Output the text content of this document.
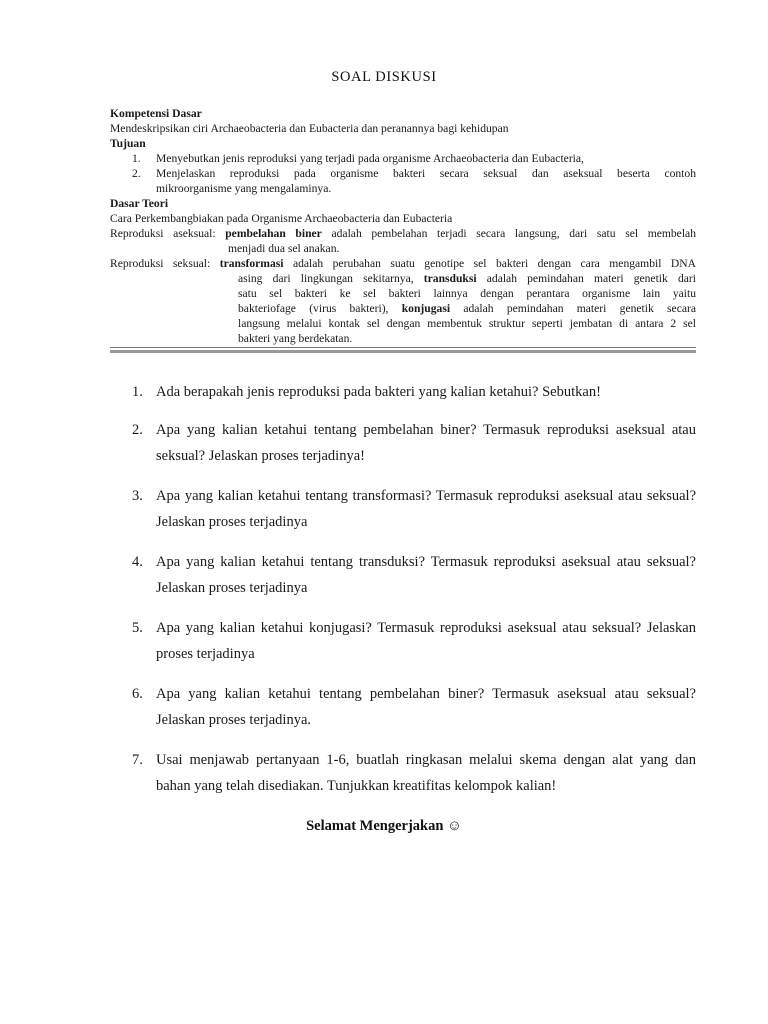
SOAL DISKUSI
Kompetensi Dasar
Mendeskripsikan ciri Archaeobacteria dan Eubacteria dan peranannya bagi kehidupan
Tujuan
1. Menyebutkan jenis reproduksi yang terjadi pada organisme Archaeobacteria dan Eubacteria,
2. Menjelaskan reproduksi pada organisme bakteri secara seksual dan aseksual beserta contoh
mikroorganisme yang mengalaminya.
Dasar Teori
Cara Perkembangbiakan pada Organisme Archaeobacteria dan Eubacteria
Reproduksi aseksual: pembelahan biner adalah pembelahan terjadi secara langsung, dari satu sel membelah
menjadi dua sel anakan.
Reproduksi seksual: transformasi adalah perubahan suatu genotipe sel bakteri dengan cara mengambil DNA
asing dari lingkungan sekitarnya, transduksi adalah pemindahan materi genetik dari
satu sel bakteri ke sel bakteri lainnya dengan perantara organisme lain yaitu
bakteriofage (virus bakteri), konjugasi adalah pemindahan materi genetik secara
langsung melalui kontak sel dengan membentuk struktur seperti jembatan di antara 2 sel
bakteri yang berdekatan.
1. Ada berapakah jenis reproduksi pada bakteri yang kalian ketahui? Sebutkan!
2. Apa yang kalian ketahui tentang pembelahan biner? Termasuk reproduksi aseksual atau seksual? Jelaskan proses terjadinya!
3. Apa yang kalian ketahui tentang transformasi? Termasuk reproduksi aseksual atau seksual? Jelaskan proses terjadinya
4. Apa yang kalian ketahui tentang transduksi? Termasuk reproduksi aseksual atau seksual? Jelaskan proses terjadinya
5. Apa yang kalian ketahui konjugasi? Termasuk reproduksi aseksual atau seksual? Jelaskan proses terjadinya
6. Apa yang kalian ketahui tentang pembelahan biner? Termasuk aseksual atau seksual? Jelaskan proses terjadinya.
7. Usai menjawab pertanyaan 1-6, buatlah ringkasan melalui skema dengan alat yang dan bahan yang telah disediakan. Tunjukkan kreatifitas kelompok kalian!
Selamat Mengerjakan ☺
